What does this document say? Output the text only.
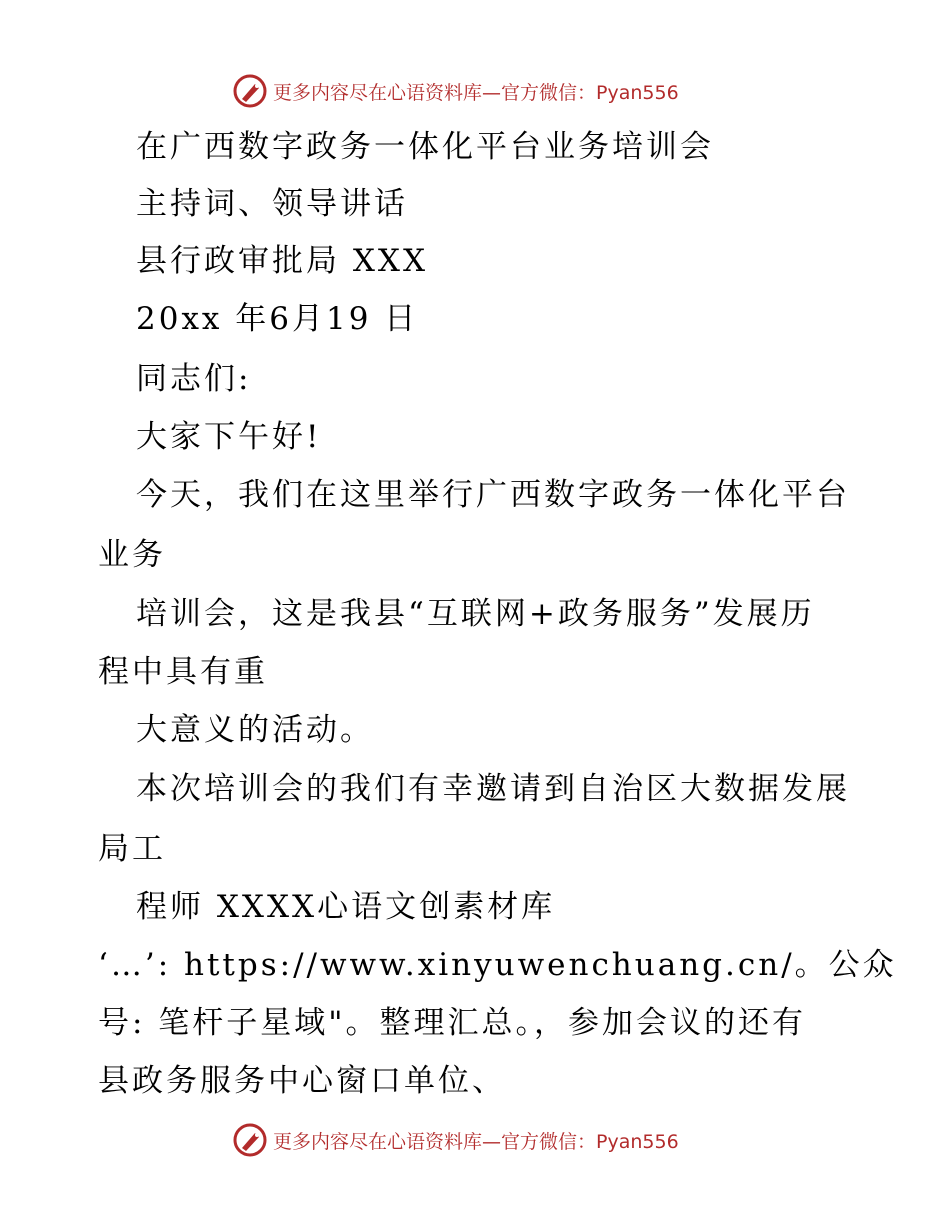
更多内容尽在心语资料库—官方微信：Pyan556
在广西数字政务一体化平台业务培训会
主持词、领导讲话
县行政审批局 XXX
20xx 年6月19 日
同志们:
大家下午好!
今天，我们在这里举行广西数字政务一体化平台
业务
培训会，这是我县“互联网+政务服务”发展历
程中具有重
大意义的活动。
本次培训会的我们有幸邀请到自治区大数据发展
局工
程师 XXXX心语文创素材库
‘…’: https://www.xinyuwenchuang.cn/。公众
号: 笔杆子星域"。整理汇总。，参加会议的还有
县政务服务中心窗口单位、
更多内容尽在心语资料库—官方微信：Pyan556
